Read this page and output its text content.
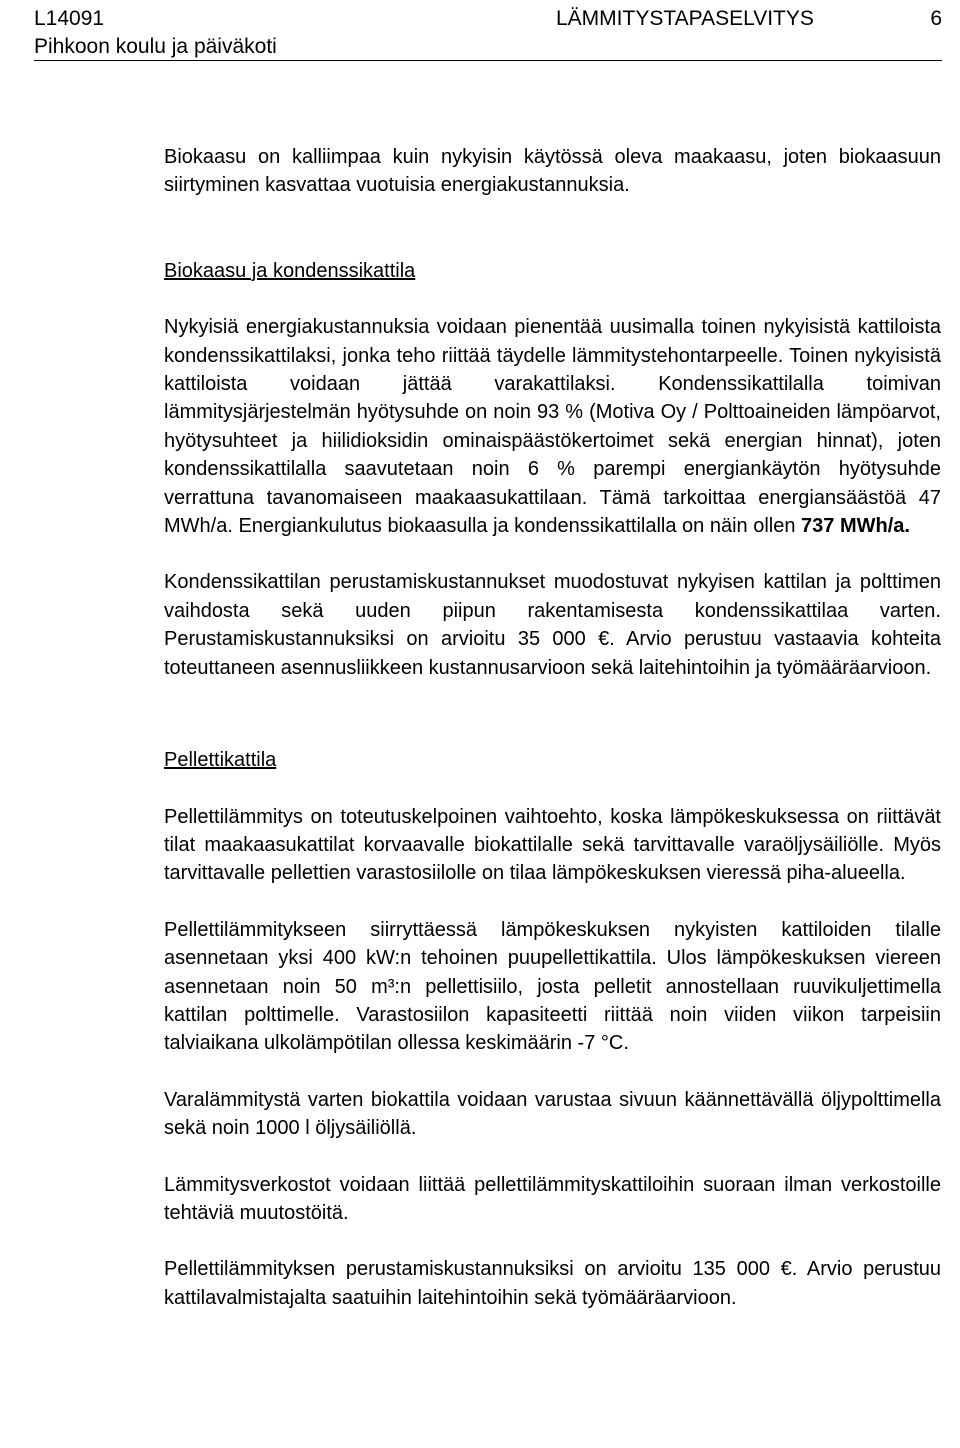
L14091
Pihkoon koulu ja päiväkoti
LÄMMITYSTAPASELVITYS	6

Biokaasu on kalliimpaa kuin nykyisin käytössä oleva maakaasu, joten biokaasuun siirtyminen kasvattaa vuotuisia energiakustannuksia.

Biokaasu ja kondenssikattila

Nykyisiä energiakustannuksia voidaan pienentää uusimalla toinen nykyisistä kattiloista kondenssikattilaksi, jonka teho riittää täydelle lämmitystehontarpeelle. Toinen nykyisistä kattiloista voidaan jättää varakattilaksi. Kondenssikattilalla toimivan lämmitysjärjestelmän hyötysuhde on noin 93 % (Motiva Oy / Polttoaineiden lämpöarvot, hyötysuhteet ja hiilidioksidin ominaispäästökertoimet sekä energian hinnat), joten kondenssikattilalla saavutetaan noin 6 % parempi energiankäytön hyötysuhde verrattuna tavanomaiseen maakaasukattilaan. Tämä tarkoittaa energiansäästöä 47 MWh/a. Energiankulutus biokaasulla ja kondenssikattilalla on näin ollen 737 MWh/a.

Kondenssikattilan perustamiskustannukset muodostuvat nykyisen kattilan ja polttimen vaihdosta sekä uuden piipun rakentamisesta kondenssikattilaa varten. Perustamiskustannuksiksi on arvioitu 35 000 €. Arvio perustuu vastaavia kohteita toteuttaneen asennusliikkeen kustannusarvioon sekä laitehintoihin ja työmääräarvioon.

Pellettikattila

Pellettilämmitys on toteutuskelpoinen vaihtoehto, koska lämpökeskuksessa on riittävät tilat maakaasukattilat korvaavalle biokattilalle sekä tarvittavalle varaöljysäiliölle. Myös tarvittavalle pellettien varastosiilolle on tilaa lämpökeskuksen vieressä piha-alueella.

Pellettilämmitykseen siirryttäessä lämpökeskuksen nykyisten kattiloiden tilalle asennetaan yksi 400 kW:n tehoinen puupellettikattila. Ulos lämpökeskuksen viereen asennetaan noin 50 m³:n pellettisiilo, josta pelletit annostellaan ruuvikuljettimella kattilan polttimelle. Varastosiilon kapasiteetti riittää noin viiden viikon tarpeisiin talviaikana ulkolämpötilan ollessa keskimäärin -7 °C.

Varalämmitystä varten biokattila voidaan varustaa sivuun käännettävällä öljypolttimella sekä noin 1000 l öljysäiliöllä.

Lämmitysverkostot voidaan liittää pellettilämmityskattiloihin suoraan ilman verkostoille tehtäviä muutostöitä.

Pellettilämmityksen perustamiskustannuksiksi on arvioitu 135 000 €. Arvio perustuu kattilavalmistajalta saatuihin laitehintoihin sekä työmääräarvioon.
